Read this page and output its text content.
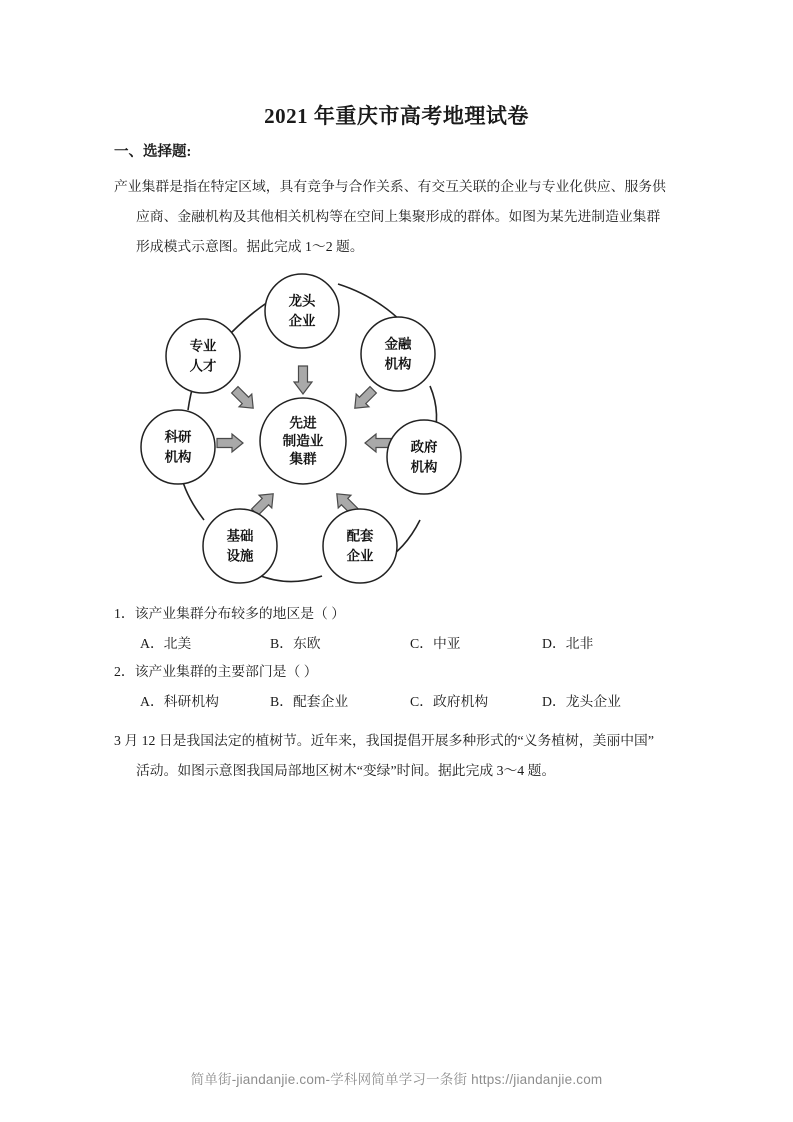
2021 年重庆市高考地理试卷
一、选择题:

产业集群是指在特定区域，具有竞争与合作关系、有交互关联的企业与专业化供应、服务供

应商、金融机构及其他相关机构等在空间上集聚形成的群体。如图为某先进制造业集群

形成模式示意图。据此完成 1～2 题。

先进
制造业
集群
龙头
企业
金融
机构
政府
机构
配套
企业
基础
设施
科研
机构
专业
人才
1．该产业集群分布较多的地区是（ ）
A．北美	B．东欧	C．中亚	D．北非
2．该产业集群的主要部门是（ ）
A．科研机构	B．配套企业	C．政府机构	D．龙头企业

3 月 12 日是我国法定的植树节。近年来，我国提倡开展多种形式的“义务植树，美丽中国”

活动。如图示意图我国局部地区树木“变绿”时间。据此完成 3～4 题。

简单街-jiandanjie.com-学科网简单学习一条街 https://jiandanjie.com
